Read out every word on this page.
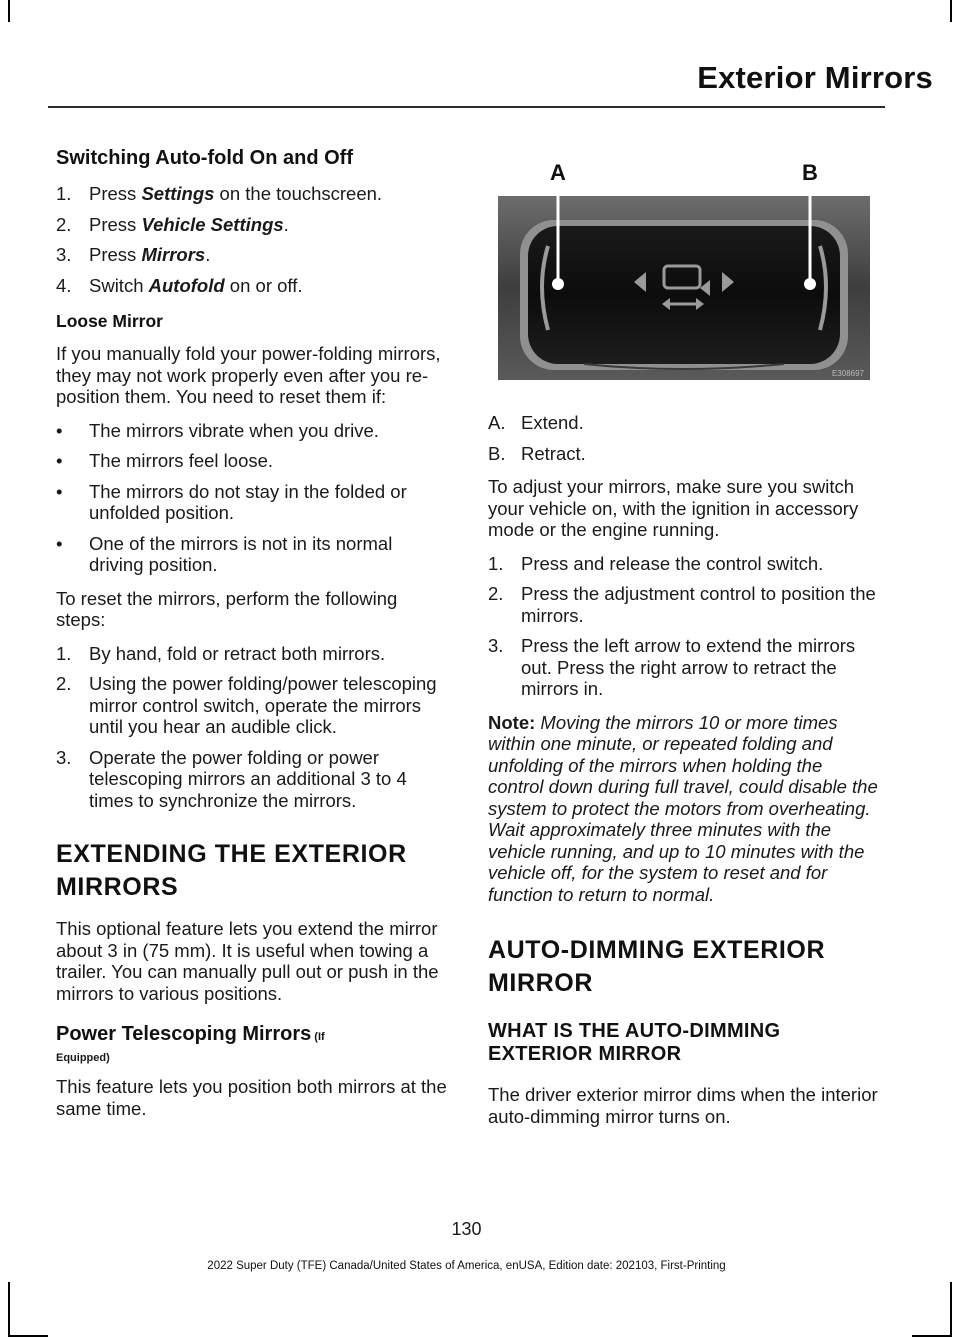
Exterior Mirrors
Switching Auto-fold On and Off
1. Press Settings on the touchscreen.
2. Press Vehicle Settings.
3. Press Mirrors.
4. Switch Autofold on or off.
Loose Mirror

If you manually fold your power-folding mirrors, they may not work properly even after you re-position them. You need to reset them if:

• The mirrors vibrate when you drive.
• The mirrors feel loose.
• The mirrors do not stay in the folded or unfolded position.
• One of the mirrors is not in its normal driving position.

To reset the mirrors, perform the following steps:

1. By hand, fold or retract both mirrors.
2. Using the power folding/power telescoping mirror control switch, operate the mirrors until you hear an audible click.
3. Operate the power folding or power telescoping mirrors an additional 3 to 4 times to synchronize the mirrors.
EXTENDING THE EXTERIOR
MIRRORS

This optional feature lets you extend the mirror about 3 in (75 mm). It is useful when towing a trailer. You can manually pull out or push in the mirrors to various positions.

Power Telescoping Mirrors (If
Equipped)

This feature lets you position both mirrors at the same time.

A	B
E308697
A. Extend.
B. Retract.

To adjust your mirrors, make sure you switch your vehicle on, with the ignition in accessory mode or the engine running.

1. Press and release the control switch.
2. Press the adjustment control to position the mirrors.
3. Press the left arrow to extend the mirrors out. Press the right arrow to retract the mirrors in.

Note: Moving the mirrors 10 or more times within one minute, or repeated folding and unfolding of the mirrors when holding the control down during full travel, could disable the system to protect the motors from overheating. Wait approximately three minutes with the vehicle running, and up to 10 minutes with the vehicle off, for the system to reset and for function to return to normal.

AUTO-DIMMING EXTERIOR
MIRROR
WHAT IS THE AUTO-DIMMING
EXTERIOR MIRROR

The driver exterior mirror dims when the interior auto-dimming mirror turns on.

130
2022 Super Duty (TFE) Canada/United States of America, enUSA, Edition date: 202103, First-Printing
